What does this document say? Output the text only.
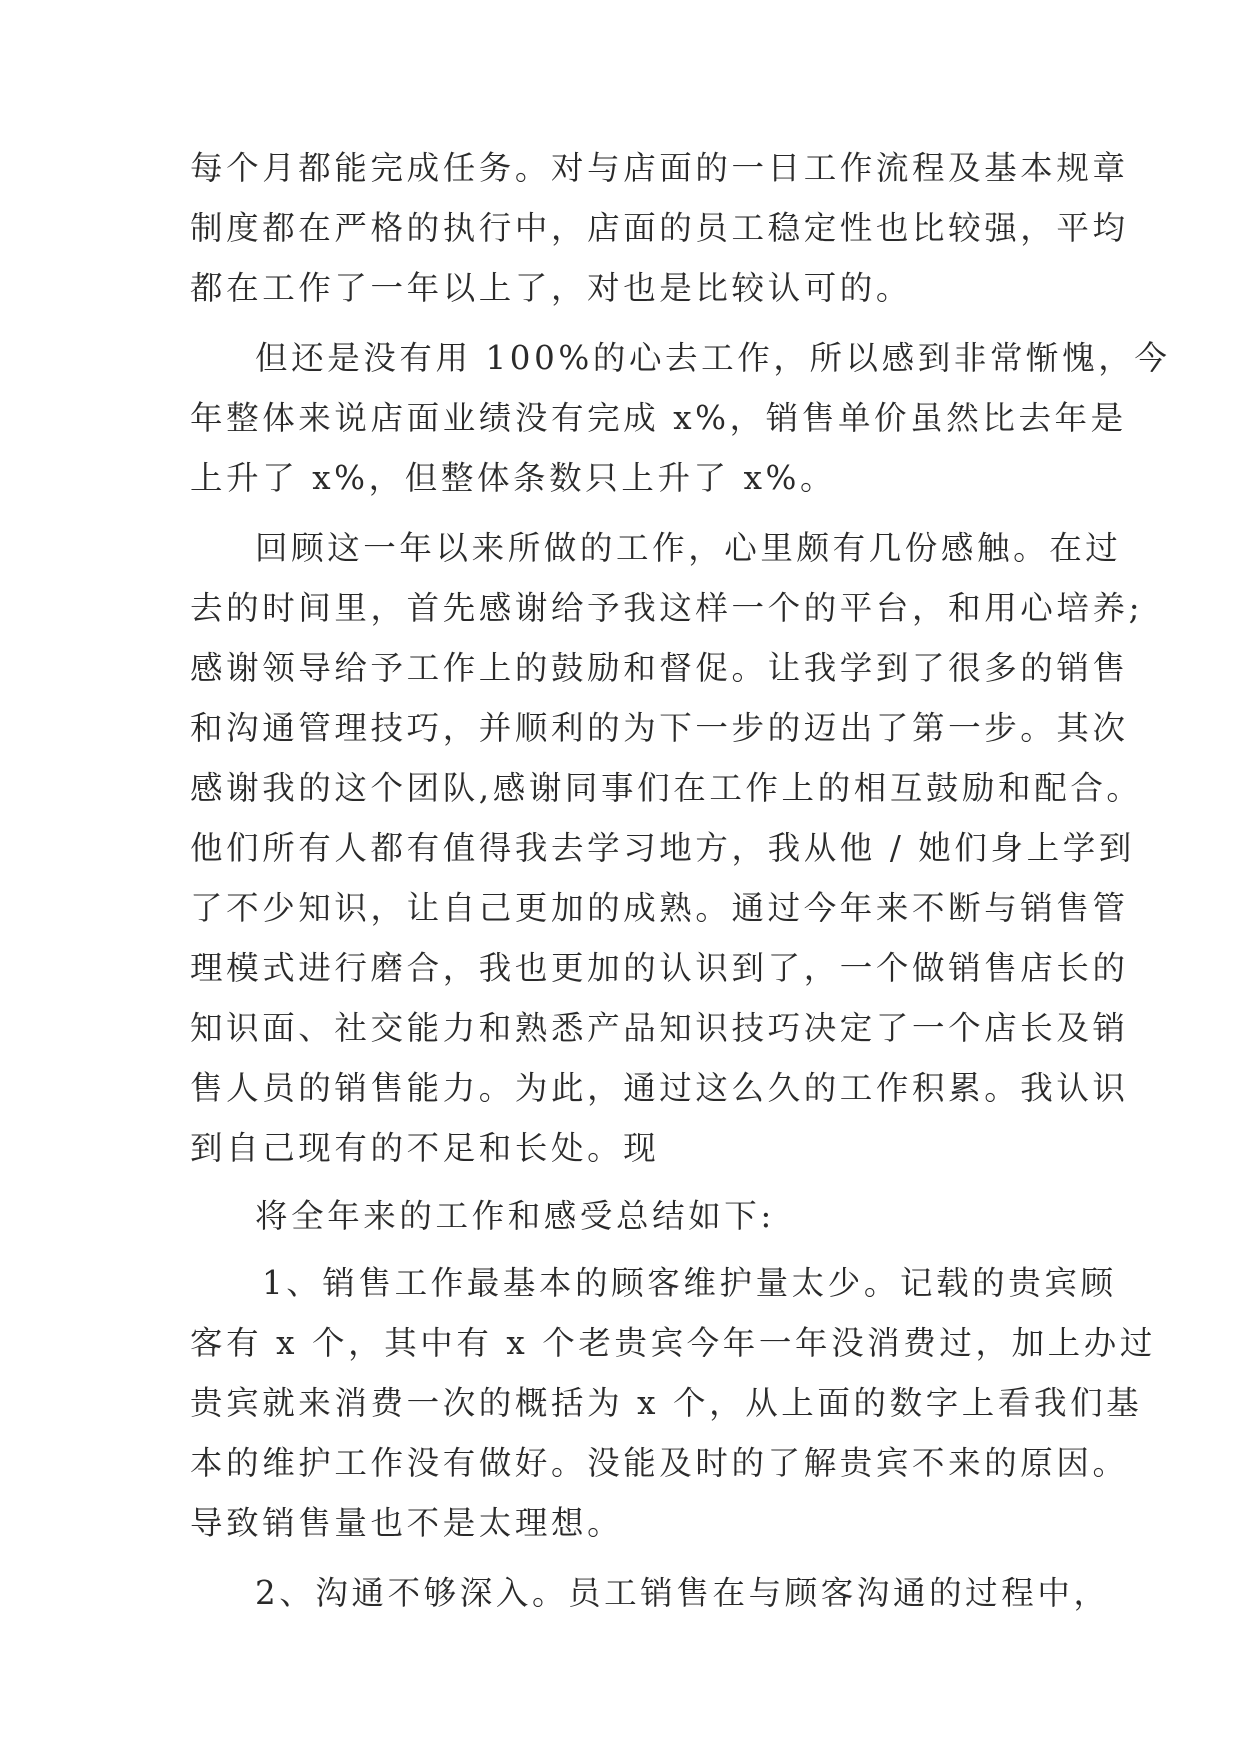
每个月都能完成任务。对与店面的一日工作流程及基本规章
制度都在严格的执行中，店面的员工稳定性也比较强，平均
都在工作了一年以上了，对也是比较认可的。
但还是没有用 100%的心去工作，所以感到非常惭愧，今
年整体来说店面业绩没有完成 x%，销售单价虽然比去年是
上升了 x%，但整体条数只上升了 x%。
回顾这一年以来所做的工作，心里颇有几份感触。在过
去的时间里，首先感谢给予我这样一个的平台，和用心培养;
感谢领导给予工作上的鼓励和督促。让我学到了很多的销售
和沟通管理技巧，并顺利的为下一步的迈出了第一步。其次
感谢我的这个团队,感谢同事们在工作上的相互鼓励和配合。
他们所有人都有值得我去学习地方，我从他 / 她们身上学到
了不少知识，让自己更加的成熟。通过今年来不断与销售管
理模式进行磨合，我也更加的认识到了，一个做销售店长的
知识面、社交能力和熟悉产品知识技巧决定了一个店长及销
售人员的销售能力。为此，通过这么久的工作积累。我认识
到自己现有的不足和长处。现
将全年来的工作和感受总结如下:
1、销售工作最基本的顾客维护量太少。记载的贵宾顾
客有 x 个，其中有 x 个老贵宾今年一年没消费过，加上办过
贵宾就来消费一次的概括为 x 个，从上面的数字上看我们基
本的维护工作没有做好。没能及时的了解贵宾不来的原因。
导致销售量也不是太理想。
2、沟通不够深入。员工销售在与顾客沟通的过程中，
